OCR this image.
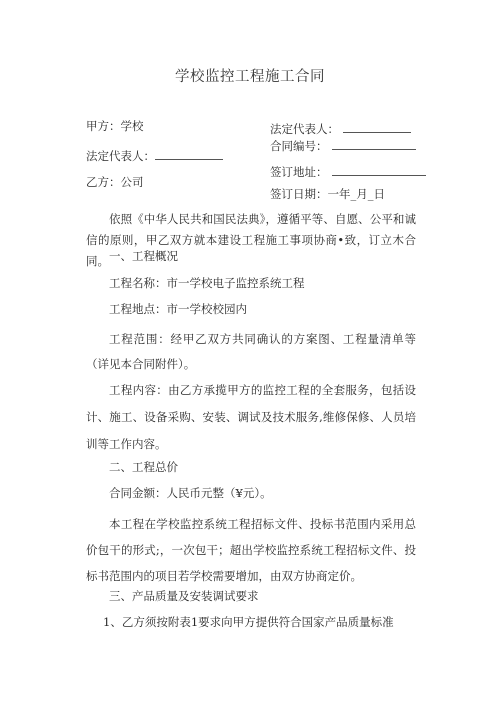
学校监控工程施工合同
甲方：学校
法定代表人：
乙方：公司
法定代表人：
合同编号：
签订地址：
签订日期：一年_月_日
依照《中华人民共和国民法典》，遵循平等、自愿、公平和诚信的原则，甲乙双方就本建设工程施工事项协商•致，订立木合同。 一、工程概况
工程名称：市一学校电子监控系统工程
工程地点：市一学校校园内
工程范围：经甲乙双方共同确认的方案图、工程量清单等（详见本合同附件）。
工程内容：由乙方承揽甲方的监控工程的全套服务，包括设计、施工、设备采购、安装、调试及技术服务,维修保修、人员培训等工作内容。
二、工程总价
合同金额：人民币元整（¥元）。
本工程在学校监控系统工程招标文件、投标书范围内采用总价包干的形式;，一次包干；超出学校监控系统工程招标文件、投标书范围内的项目若学校需要增加，由双方协商定价。
三、产品质量及安装调试要求
1、乙方须按附表1要求向甲方提供符合国家产品质量标准
